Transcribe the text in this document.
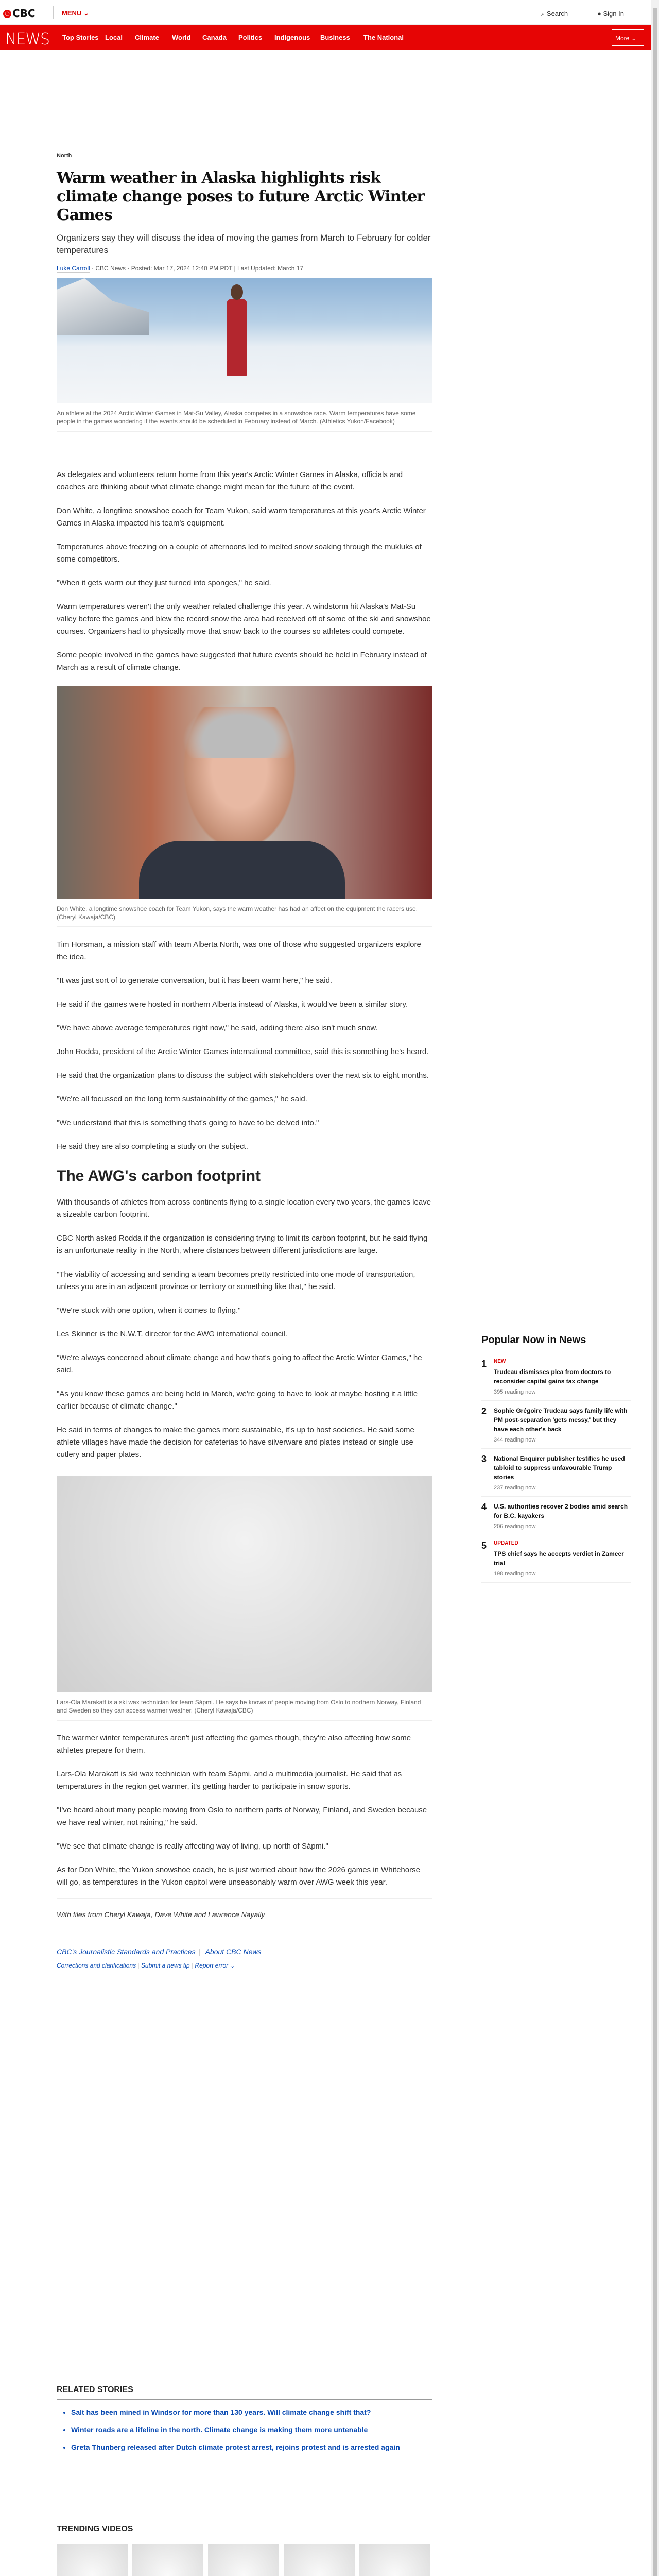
CBC	MENU ⌄	⌕ Search	● Sign In
NEWS Top Stories Local Climate World Canada Politics Indigenous Business The National	More ⌄
North
Warm weather in Alaska highlights risk climate change poses to future Arctic Winter Games
Organizers say they will discuss the idea of moving the games from March to February for colder temperatures
Luke Carroll · CBC News · Posted: Mar 17, 2024 12:40 PM PDT | Last Updated: March 17
An athlete at the 2024 Arctic Winter Games in Mat-Su Valley, Alaska competes in a snowshoe race. Warm temperatures have some people in the games wondering if the events should be scheduled in February instead of March. (Athletics Yukon/Facebook)

As delegates and volunteers return home from this year's Arctic Winter Games in Alaska, officials and coaches are thinking about what climate change might mean for the future of the event.

Don White, a longtime snowshoe coach for Team Yukon, said warm temperatures at this year's Arctic Winter Games in Alaska impacted his team's equipment.

Temperatures above freezing on a couple of afternoons led to melted snow soaking through the mukluks of some competitors.

"When it gets warm out they just turned into sponges," he said.

Warm temperatures weren't the only weather related challenge this year. A windstorm hit Alaska's Mat-Su valley before the games and blew the record snow the area had received off of some of the ski and snowshoe courses. Organizers had to physically move that snow back to the courses so athletes could compete.

Some people involved in the games have suggested that future events should be held in February instead of March as a result of climate change.

Don White, a longtime snowshoe coach for Team Yukon, says the warm weather has had an affect on the equipment the racers use. (Cheryl Kawaja/CBC)

Tim Horsman, a mission staff with team Alberta North, was one of those who suggested organizers explore the idea.

"It was just sort of to generate conversation, but it has been warm here," he said.

He said if the games were hosted in northern Alberta instead of Alaska, it would've been a similar story.

"We have above average temperatures right now," he said, adding there also isn't much snow.

John Rodda, president of the Arctic Winter Games international committee, said this is something he's heard.

He said that the organization plans to discuss the subject with stakeholders over the next six to eight months.

"We're all focussed on the long term sustainability of the games," he said.

"We understand that this is something that's going to have to be delved into."

He said they are also completing a study on the subject.

The AWG's carbon footprint

With thousands of athletes from across continents flying to a single location every two years, the games leave a sizeable carbon footprint.

CBC North asked Rodda if the organization is considering trying to limit its carbon footprint, but he said flying is an unfortunate reality in the North, where distances between different jurisdictions are large.

"The viability of accessing and sending a team becomes pretty restricted into one mode of transportation, unless you are in an adjacent province or territory or something like that," he said.

"We're stuck with one option, when it comes to flying."

Les Skinner is the N.W.T. director for the AWG international council.

"We're always concerned about climate change and how that's going to affect the Arctic Winter Games," he said.

"As you know these games are being held in March, we're going to have to look at maybe hosting it a little earlier because of climate change."

He said in terms of changes to make the games more sustainable, it's up to host societies. He said some athlete villages have made the decision for cafeterias to have silverware and plates instead or single use cutlery and paper plates.

Lars-Ola Marakatt is a ski wax technician for team Sápmi. He says he knows of people moving from Oslo to northern Norway, Finland and Sweden so they can access warmer weather. (Cheryl Kawaja/CBC)

The warmer winter temperatures aren't just affecting the games though, they're also affecting how some athletes prepare for them.

Lars-Ola Marakatt is ski wax technician with team Sápmi, and a multimedia journalist. He said that as temperatures in the region get warmer, it's getting harder to participate in snow sports.

"I've heard about many people moving from Oslo to northern parts of Norway, Finland, and Sweden because we have real winter, not raining," he said.

"We see that climate change is really affecting way of living, up north of Sápmi."

As for Don White, the Yukon snowshoe coach, he is just worried about how the 2026 games in Whitehorse will go, as temperatures in the Yukon capitol were unseasonably warm over AWG week this year.

With files from Cheryl Kawaja, Dave White and Lawrence Nayally

CBC's Journalistic Standards and Practices | About CBC News
Corrections and clarifications | Submit a news tip | Report error ⌄
Popular Now in News
1	NEW
Trudeau dismisses plea from doctors to reconsider capital gains tax change
395 reading now
2	Sophie Grégoire Trudeau says family life with PM post-separation 'gets messy,' but they have each other's back
344 reading now
3	National Enquirer publisher testifies he used tabloid to suppress unfavourable Trump stories
237 reading now
4	U.S. authorities recover 2 bodies amid search for B.C. kayakers
206 reading now
5	UPDATED
TPS chief says he accepts verdict in Zameer trial
198 reading now
RELATED STORIES
• Salt has been mined in Windsor for more than 130 years. Will climate change shift that?
• Winter roads are a lifeline in the north. Climate change is making them more untenable
• Greta Thunberg released after Dutch climate protest arrest, rejoins protest and is arrested again
TRENDING VIDEOS
